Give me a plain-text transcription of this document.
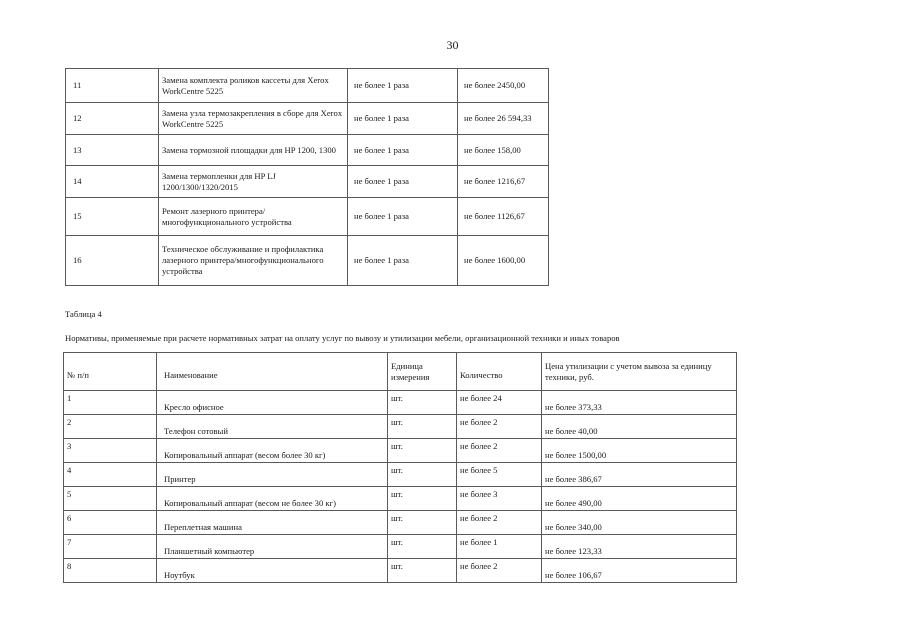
30
11	Замена комплекта роликов кассеты для Xerox WorkCentre 5225	не более 1 раза	не более 2450,00
12	Замена узла термозакрепления в сборе для Xerox WorkCentre 5225	не более 1 раза	не более 26 594,33
13	Замена тормозной площадки для HP 1200, 1300	не более 1 раза	не более 158,00
14	Замена термопленки для HP LJ 1200/1300/1320/2015	не более 1 раза	не более 1216,67
15	Ремонт лазерного принтера/многофункционального устройства	не более 1 раза	не более 1126,67
16	Техническое обслуживание и профилактика лазерного принтера/многофункционального устройства	не более 1 раза	не более 1600,00
Таблица 4
Нормативы, применяемые при расчете нормативных затрат на оплату услуг по вывозу и утилизации мебели, организационной техники и иных товаров
№ п/п	Наименование	Единица измерения	Количество	Цена утилизации с учетом вывоза за единицу техники, руб.
1	Кресло офисное	шт.	не более 24	не более 373,33
2	Телефон сотовый	шт.	не более 2	не более 40,00
3	Копировальный аппарат (весом более 30 кг)	шт.	не более 2	не более 1500,00
4	Принтер	шт.	не более 5	не более 386,67
5	Копировальный аппарат (весом не более 30 кг)	шт.	не более 3	не более 490,00
6	Переплетная машина	шт.	не более 2	не более 340,00
7	Планшетный компьютер	шт.	не более 1	не более 123,33
8	Ноутбук	шт.	не более 2	не более 106,67
